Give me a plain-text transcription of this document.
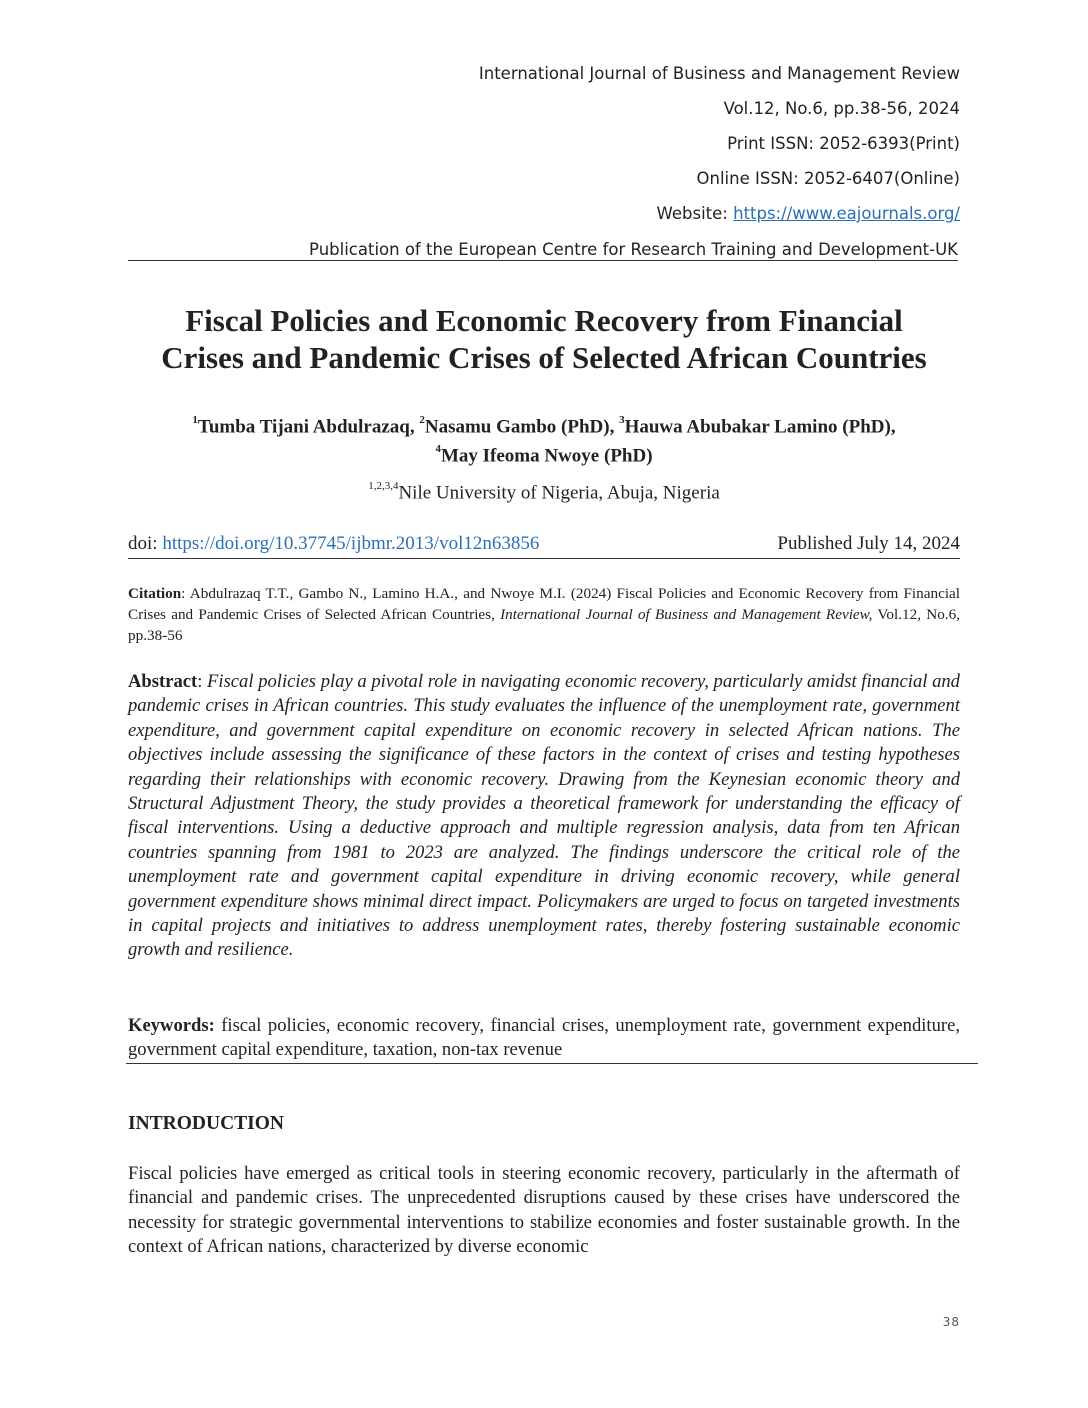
International Journal of Business and Management Review
Vol.12, No.6, pp.38-56, 2024
Print ISSN: 2052-6393(Print)
Online ISSN: 2052-6407(Online)
Website: https://www.eajournals.org/
Publication of the European Centre for Research Training and Development-UK
Fiscal Policies and Economic Recovery from Financial
Crises and Pandemic Crises of Selected African Countries
$^1$Tumba Tijani Abdulrazaq, $^2$Nasamu Gambo (PhD), $^3$Hauwa Abubakar Lamino (PhD),
$^4$May Ifeoma Nwoye (PhD)
$^{1,2,3,4}$Nile University of Nigeria, Abuja, Nigeria
doi: https://doi.org/10.37745/ijbmr.2013/vol12n63856	Published July 14, 2024
Citation: Abdulrazaq T.T., Gambo N., Lamino H.A., and Nwoye M.I. (2024) Fiscal Policies and Economic Recovery from Financial Crises and Pandemic Crises of Selected African Countries, International Journal of Business and Management Review, Vol.12, No.6, pp.38-56
Abstract: Fiscal policies play a pivotal role in navigating economic recovery, particularly amidst financial and pandemic crises in African countries. This study evaluates the influence of the unemployment rate, government expenditure, and government capital expenditure on economic recovery in selected African nations. The objectives include assessing the significance of these factors in the context of crises and testing hypotheses regarding their relationships with economic recovery. Drawing from the Keynesian economic theory and Structural Adjustment Theory, the study provides a theoretical framework for understanding the efficacy of fiscal interventions. Using a deductive approach and multiple regression analysis, data from ten African countries spanning from 1981 to 2023 are analyzed. The findings underscore the critical role of the unemployment rate and government capital expenditure in driving economic recovery, while general government expenditure shows minimal direct impact. Policymakers are urged to focus on targeted investments in capital projects and initiatives to address unemployment rates, thereby fostering sustainable economic growth and resilience.
Keywords: fiscal policies, economic recovery, financial crises, unemployment rate, government expenditure, government capital expenditure, taxation, non-tax revenue
INTRODUCTION
Fiscal policies have emerged as critical tools in steering economic recovery, particularly in the aftermath of financial and pandemic crises. The unprecedented disruptions caused by these crises have underscored the necessity for strategic governmental interventions to stabilize economies and foster sustainable growth. In the context of African nations, characterized by diverse economic
38
